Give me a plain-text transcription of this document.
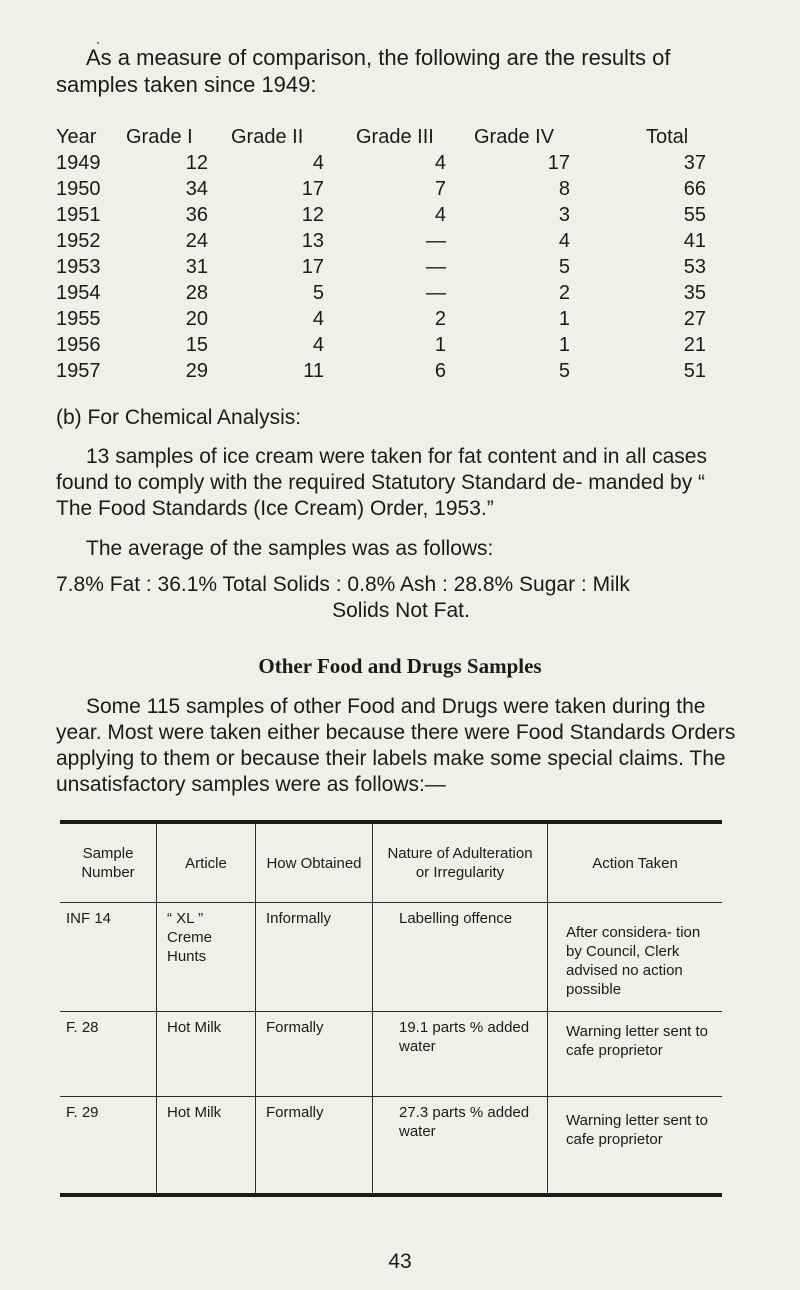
ˎ
As a measure of comparison, the following are the results of
samples taken since 1949:
Year	Grade I	Grade II	Grade III	Grade IV	Total
1949	12	4	4	17	37
1950	34	17	7	8	66
1951	36	12	4	3	55
1952	24	13	—	4	41
1953	31	17	—	5	53
1954	28	5	—	2	35
1955	20	4	2	1	27
1956	15	4	1	1	21
1957	29	11	6	5	51
(b) For Chemical Analysis:
13 samples of ice cream were taken for fat content and in all cases found to comply with the required Statutory Standard de- manded by “ The Food Standards (Ice Cream) Order, 1953.”
The average of the samples was as follows:
7.8% Fat : 36.1% Total Solids : 0.8% Ash : 28.8% Sugar : Milk
Solids Not Fat.
Other Food and Drugs Samples
Some 115 samples of other Food and Drugs were taken during the year. Most were taken either because there were Food Standards Orders applying to them or because their labels make some special claims. The unsatisfactory samples were as follows:—
Sample Number	Article	How Obtained	Nature of Adulteration or Irregularity	Action Taken
INF 14	“ XL ” Creme Hunts	Informally	Labelling offence	After considera- tion by Council, Clerk advised no action possible
F. 28	Hot Milk	Formally	19.1 parts % added water	Warning letter sent to cafe proprietor
F. 29	Hot Milk	Formally	27.3 parts % added water	Warning letter sent to cafe proprietor
43
